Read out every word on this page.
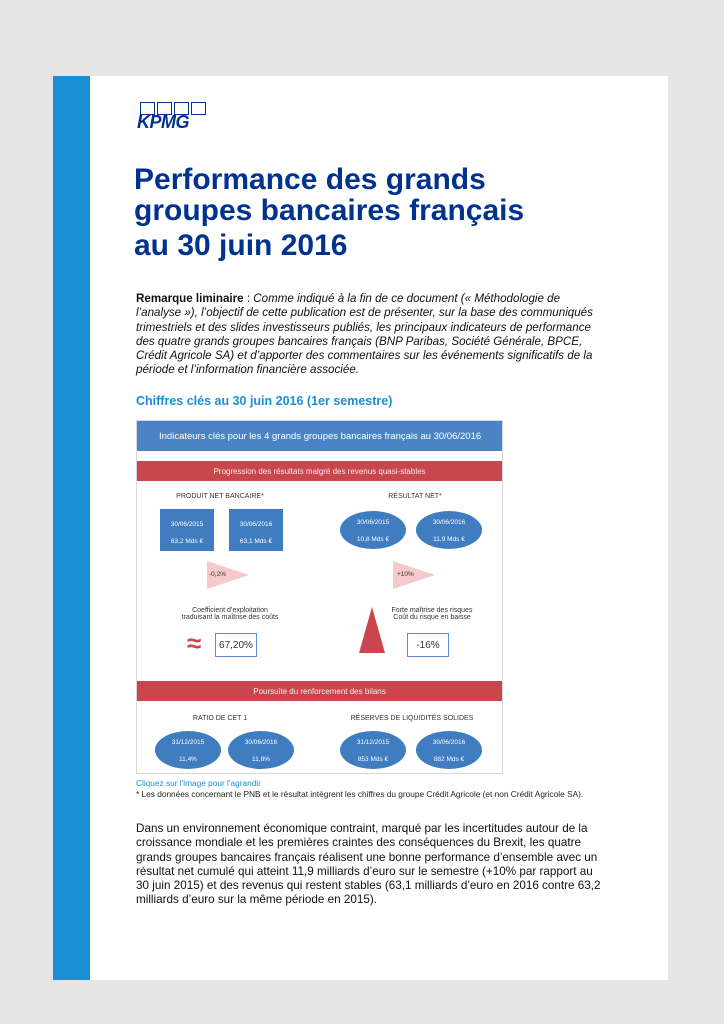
KPMG
Performance des grands
groupes bancaires français
au 30 juin 2016
Remarque liminaire : Comme indiqué à la fin de ce document (« Méthodologie de l’analyse »), l’objectif de cette publication est de présenter, sur la base des communiqués trimestriels et des slides investisseurs publiés, les principaux indicateurs de performance des quatre grands groupes bancaires français (BNP Paribas, Société Générale, BPCE, Crédit Agricole SA) et d’apporter des commentaires sur les événements significatifs de la période et l’information financière associée.
Chiffres clés au 30 juin 2016 (1er semestre)
Indicateurs clés pour les 4 grands groupes bancaires français au 30/06/2016
Progression des résultats malgré des revenus quasi-stables
PRODUIT NET BANCAIRE*
30/06/2015
63,2 Mds €
30/06/2016
63,1 Mds €
-0,2%
RÉSULTAT NET*
30/06/2015
10,8 Mds €
30/06/2016
11,9 Mds €
+10%
Coefficient d’exploitation
traduisant la maîtrise des coûts
≈	67,20%
Forte maîtrise des risques
Coût du risque en baisse
-16%
Poursuite du renforcement des bilans
RATIO DE CET 1
31/12/2015
11,4%
30/06/2016
11,8%
RÉSERVES DE LIQUIDITÉS SOLIDES
31/12/2015
853 Mds €
30/06/2016
882 Mds €
Cliquez sur l'image pour l'agrandir
* Les données concernant le PNB et le résultat intègrent les chiffres du groupe Crédit Agricole (et non Crédit Agricole SA).
Dans un environnement économique contraint, marqué par les incertitudes autour de la croissance mondiale et les premières craintes des conséquences du Brexit, les quatre grands groupes bancaires français réalisent une bonne performance d’ensemble avec un résultat net cumulé qui atteint 11,9 milliards d’euro sur le semestre (+10% par rapport au 30 juin 2015) et des revenus qui restent stables (63,1 milliards d’euro en 2016 contre 63,2 milliards d’euro sur la même période en 2015).
